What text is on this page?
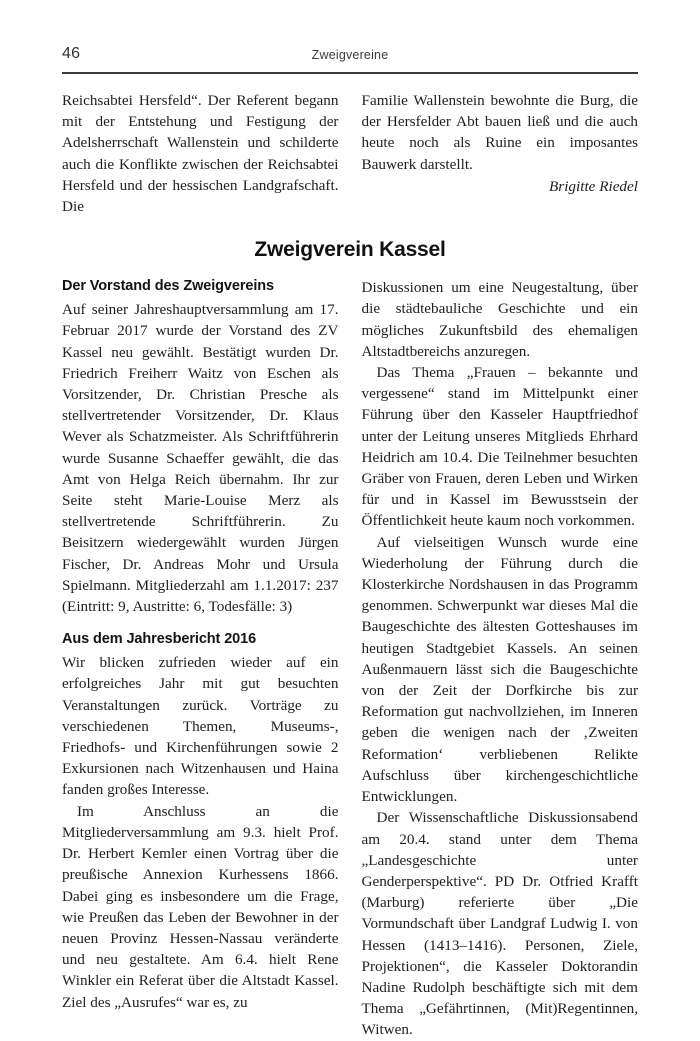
46	Zweigvereine

Reichsabtei Hersfeld“. Der Referent begann mit der Entstehung und Festigung der Adelsherrschaft Wallenstein und schilderte auch die Konflikte zwischen der Reichsabtei Hersfeld und der hessischen Landgrafschaft. Die

Familie Wallenstein bewohnte die Burg, die der Hersfelder Abt bauen ließ und die auch heute noch als Ruine ein imposantes Bauwerk darstellt.

Brigitte Riedel
Zweigverein Kassel
Der Vorstand des Zweigvereins

Auf seiner Jahreshauptversammlung am 17. Februar 2017 wurde der Vorstand des ZV Kassel neu gewählt. Bestätigt wurden Dr. Friedrich Freiherr Waitz von Eschen als Vorsitzender, Dr. Christian Presche als stellvertretender Vorsitzender, Dr. Klaus Wever als Schatzmeister. Als Schriftführerin wurde Susanne Schaeffer gewählt, die das Amt von Helga Reich übernahm. Ihr zur Seite steht Marie-Louise Merz als stellvertretende Schriftführerin. Zu Beisitzern wiedergewählt wurden Jürgen Fischer, Dr. Andreas Mohr und Ursula Spielmann. Mitgliederzahl am 1.1.2017: 237 (Eintritt: 9, Austritte: 6, Todesfälle: 3)

Aus dem Jahresbericht 2016

Wir blicken zufrieden wieder auf ein erfolgreiches Jahr mit gut besuchten Veranstaltungen zurück. Vorträge zu verschiedenen Themen, Museums-, Friedhofs- und Kirchenführungen sowie 2 Exkursionen nach Witzenhausen und Haina fanden großes Interesse.

Im Anschluss an die Mitgliederversammlung am 9.3. hielt Prof. Dr. Herbert Kemler einen Vortrag über die preußische Annexion Kurhessens 1866. Dabei ging es insbesondere um die Frage, wie Preußen das Leben der Bewohner in der neuen Provinz Hessen-Nassau veränderte und neu gestaltete. Am 6.4. hielt Rene Winkler ein Referat über die Altstadt Kassel. Ziel des „Ausrufes“ war es, zu

Diskussionen um eine Neugestaltung, über die städtebauliche Geschichte und ein mögliches Zukunftsbild des ehemaligen Altstadtbereichs anzuregen.

Das Thema „Frauen – bekannte und vergessene“ stand im Mittelpunkt einer Führung über den Kasseler Hauptfriedhof unter der Leitung unseres Mitglieds Ehrhard Heidrich am 10.4. Die Teilnehmer besuchten Gräber von Frauen, deren Leben und Wirken für und in Kassel im Bewusstsein der Öffentlichkeit heute kaum noch vorkommen.

Auf vielseitigen Wunsch wurde eine Wiederholung der Führung durch die Klosterkirche Nordshausen in das Programm genommen. Schwerpunkt war dieses Mal die Baugeschichte des ältesten Gotteshauses im heutigen Stadtgebiet Kassels. An seinen Außenmauern lässt sich die Baugeschichte von der Zeit der Dorfkirche bis zur Reformation gut nachvollziehen, im Inneren geben die wenigen nach der ‚Zweiten Reformation‘ verbliebenen Relikte Aufschluss über kirchengeschichtliche Entwicklungen.

Der Wissenschaftliche Diskussionsabend am 20.4. stand unter dem Thema „Landesgeschichte unter Genderperspektive“. PD Dr. Otfried Krafft (Marburg) referierte über „Die Vormundschaft über Landgraf Ludwig I. von Hessen (1413–1416). Personen, Ziele, Projektionen“, die Kasseler Doktorandin Nadine Rudolph beschäftigte sich mit dem Thema „Gefährtinnen, (Mit)Regentinnen, Witwen.
